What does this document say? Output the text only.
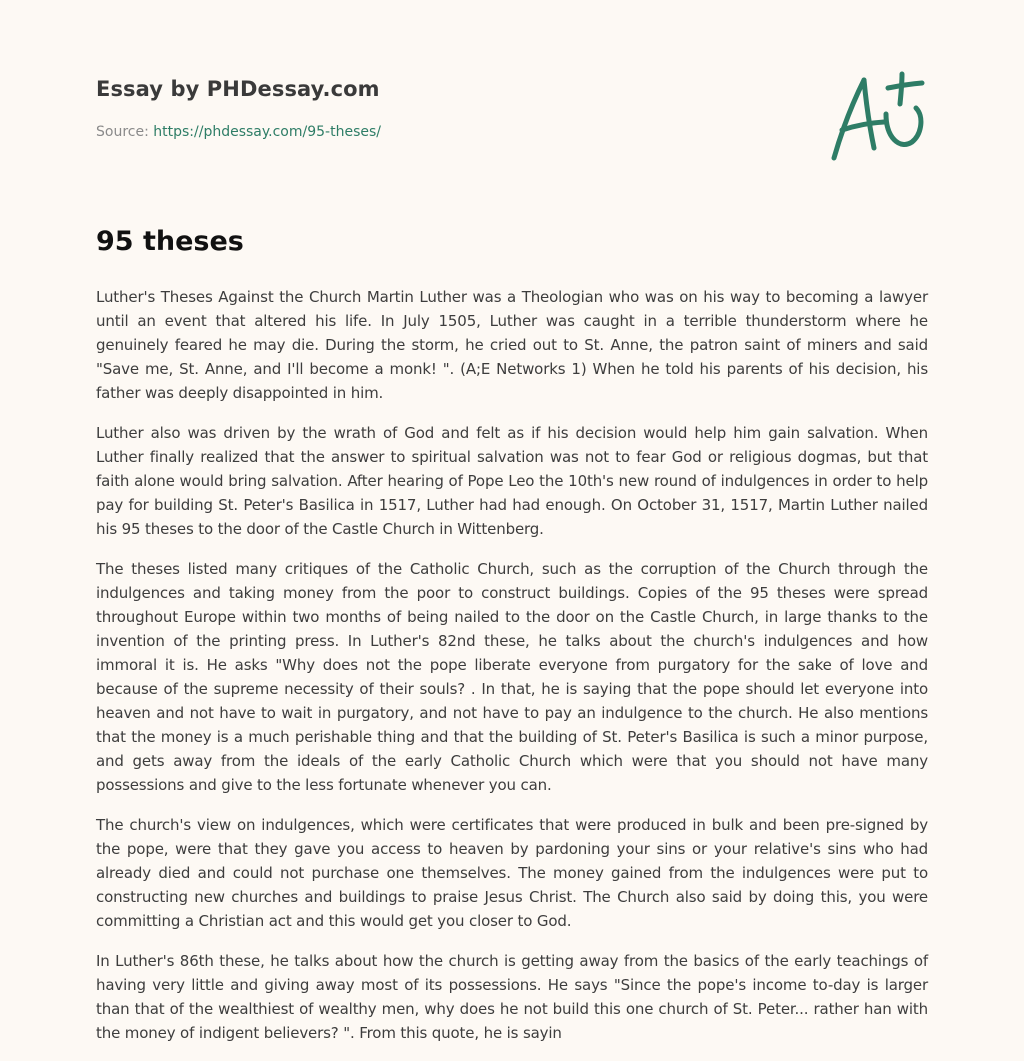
Essay by PHDessay.com
Source: https://phdessay.com/95-theses/
95 theses

Luther's Theses Against the Church Martin Luther was a Theologian who was on his way to becoming a lawyer until an event that altered his life. In July 1505, Luther was caught in a terrible thunderstorm where he genuinely feared he may die. During the storm, he cried out to St. Anne, the patron saint of miners and said "Save me, St. Anne, and I'll become a monk! ". (A;E Networks 1) When he told his parents of his decision, his father was deeply disappointed in him.

Luther also was driven by the wrath of God and felt as if his decision would help him gain salvation. When Luther finally realized that the answer to spiritual salvation was not to fear God or religious dogmas, but that faith alone would bring salvation. After hearing of Pope Leo the 10th's new round of indulgences in order to help pay for building St. Peter's Basilica in 1517, Luther had had enough. On October 31, 1517, Martin Luther nailed his 95 theses to the door of the Castle Church in Wittenberg.

The theses listed many critiques of the Catholic Church, such as the corruption of the Church through the indulgences and taking money from the poor to construct buildings. Copies of the 95 theses were spread throughout Europe within two months of being nailed to the door on the Castle Church, in large thanks to the invention of the printing press. In Luther's 82nd these, he talks about the church's indulgences and how immoral it is. He asks "Why does not the pope liberate everyone from purgatory for the sake of love and because of the supreme necessity of their souls? . In that, he is saying that the pope should let everyone into heaven and not have to wait in purgatory, and not have to pay an indulgence to the church. He also mentions that the money is a much perishable thing and that the building of St. Peter's Basilica is such a minor purpose, and gets away from the ideals of the early Catholic Church which were that you should not have many possessions and give to the less fortunate whenever you can.

The church's view on indulgences, which were certificates that were produced in bulk and been pre-signed by the pope, were that they gave you access to heaven by pardoning your sins or your relative's sins who had already died and could not purchase one themselves. The money gained from the indulgences were put to constructing new churches and buildings to praise Jesus Christ. The Church also said by doing this, you were committing a Christian act and this would get you closer to God.

In Luther's 86th these, he talks about how the church is getting away from the basics of the early teachings of having very little and giving away most of its possessions. He says "Since the pope's income to-day is larger than that of the wealthiest of wealthy men, why does he not build this one church of St. Peter... rather han with the money of indigent believers? ". From this quote, he is sayin
